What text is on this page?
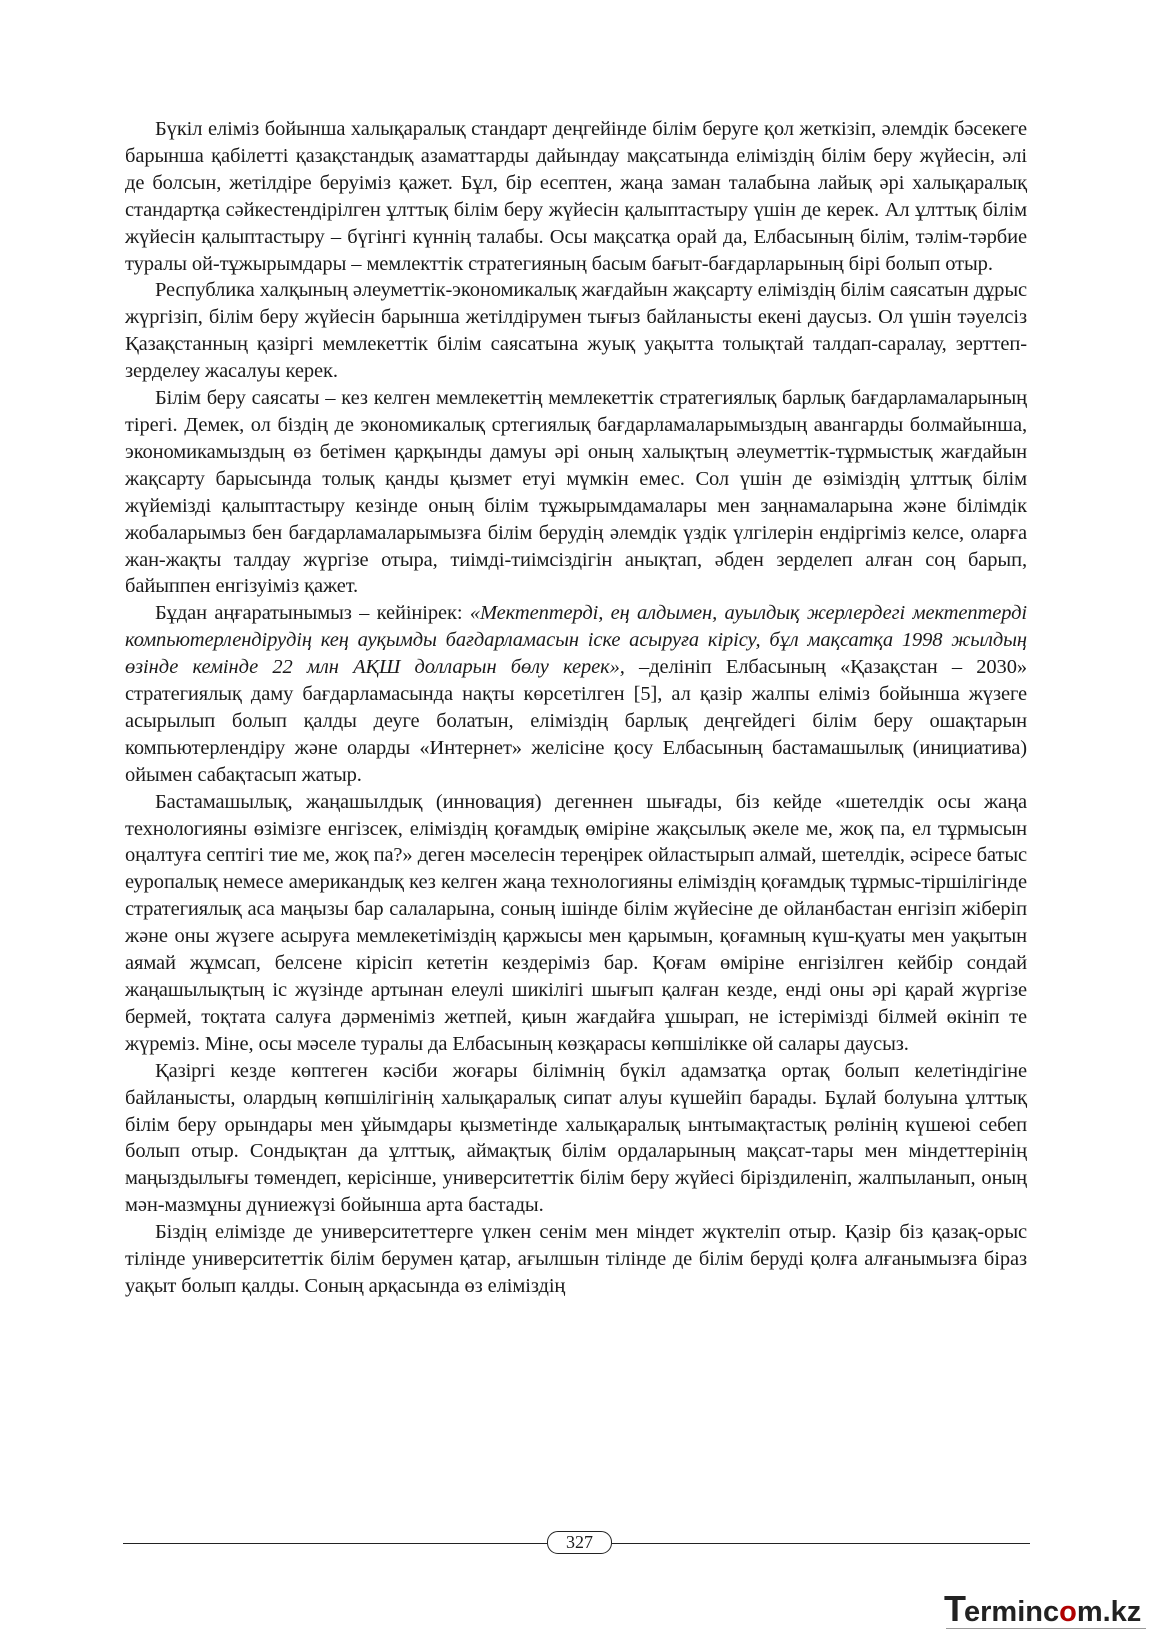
Бүкіл еліміз бойынша халықаралық стандарт деңгейінде білім беруге қол жеткізіп, әлемдік бәсекеге барынша қабілетті қазақстандық азаматтарды дайындау мақсатында еліміздің білім беру жүйесін, әлі де болсын, жетілдіре беруіміз қажет. Бұл, бір есептен, жаңа заман талабына лайық әрі халықаралық стандартқа сәйкестендірілген ұлттық білім беру жүйесін қалыптастыру үшін де керек. Ал ұлттық білім жүйесін қалыптастыру – бүгінгі күннің талабы. Осы мақсатқа орай да, Елбасының білім, тәлім-тәрбие туралы ой-тұжырымдары – мемлекттік стратегияның басым бағыт-бағдарларының бірі болып отыр.

Республика халқының әлеуметтік-экономикалық жағдайын жақсарту еліміздің білім саясатын дұрыс жүргізіп, білім беру жүйесін барынша жетілдірумен тығыз байланысты екені даусыз. Ол үшін тәуелсіз Қазақстанның қазіргі мемлекеттік білім саясатына жуық уақытта толықтай талдап-саралау, зерттеп-зерделеу жасалуы керек.

Білім беру саясаты – кез келген мемлекеттің мемлекеттік стратегиялық барлық бағдарламаларының тірегі. Демек, ол біздің де экономикалық сртегиялық бағдарламаларымыздың авангарды болмайынша, экономикамыздың өз бетімен қарқынды дамуы әрі оның халықтың әлеуметтік-тұрмыстық жағдайын жақсарту барысында толық қанды қызмет етуі мүмкін емес. Сол үшін де өзіміздің ұлттық білім жүйемізді қалыптастыру кезінде оның білім тұжырымдамалары мен заңнамаларына және білімдік жобаларымыз бен бағдарламаларымызға білім берудің әлемдік үздік үлгілерін ендіргіміз келсе, оларға жан-жақты талдау жүргізе отыра, тиімді-тиімсіздігін анықтап, әбден зерделеп алған соң барып, байыппен енгізуіміз қажет.

Бұдан аңғаратынымыз – кейінірек: «Мектептерді, ең алдымен, ауылдық жерлердегі мектептерді компьютерлендірудің кең ауқымды бағдарламасын іске асыруға кірісу, бұл мақсатқа 1998 жылдың өзінде кемінде 22 млн АҚШ долларын бөлу керек», –делініп Елбасының «Қазақстан – 2030» стратегиялық даму бағдарламасында нақты көрсетілген [5], ал қазір жалпы еліміз бойынша жүзеге асырылып болып қалды деуге болатын, еліміздің барлық деңгейдегі білім беру ошақтарын компьютерлендіру және оларды «Интернет» желісіне қосу Елбасының бастамашылық (инициатива) ойымен сабақтасып жатыр.

Бастамашылық, жаңашылдық (инновация) дегеннен шығады, біз кейде «шетелдік осы жаңа технологияны өзімізге енгізсек, еліміздің қоғамдық өміріне жақсылық әкеле ме, жоқ па, ел тұрмысын оңалтуға септігі тие ме, жоқ па?» деген мәселесін тереңірек ойластырып алмай, шетелдік, әсіресе батыс еуропалық немесе американдық кез келген жаңа технологияны еліміздің қоғамдық тұрмыс-тіршілігінде стратегиялық аса маңызы бар салаларына, соның ішінде білім жүйесіне де ойланбастан енгізіп жіберіп және оны жүзеге асыруға мемлекетіміздің қаржысы мен қарымын, қоғамның күш-қуаты мен уақытын аямай жұмсап, белсене кірісіп кететін кездеріміз бар. Қоғам өміріне енгізілген кейбір сондай жаңашылықтың іс жүзінде артынан елеулі шикілігі шығып қалған кезде, енді оны әрі қарай жүргізе бермей, тоқтата салуға дәрменіміз жетпей, қиын жағдайға ұшырап, не істерімізді білмей өкініп те жүреміз. Міне, осы мәселе туралы да Елбасының көзқарасы көпшілікке ой салары даусыз.

Қазіргі кезде көптеген кәсіби жоғары білімнің бүкіл адамзатқа ортақ болып келетіндігіне байланысты, олардың көпшілігінің халықаралық сипат алуы күшейіп барады. Бұлай болуына ұлттық білім беру орындары мен ұйымдары қызметінде халықаралық ынтымақтастық рөлінің күшеюі себеп болып отыр. Сондықтан да ұлттық, аймақтық білім ордаларының мақсат-тары мен міндеттерінің маңыздылығы төмендеп, керісінше, университеттік білім беру жүйесі біріздиленіп, жалпыланып, оның мән-мазмұны дүниежүзі бойынша арта бастады.

Біздің елімізде де университеттерге үлкен сенім мен міндет жүктеліп отыр. Қазір біз қазақ-орыс тілінде университеттік білім берумен қатар, ағылшын тілінде де білім беруді қолға алғанымызға біраз уақыт болып қалды. Соның арқасында өз еліміздің

327
Termincom.kz
